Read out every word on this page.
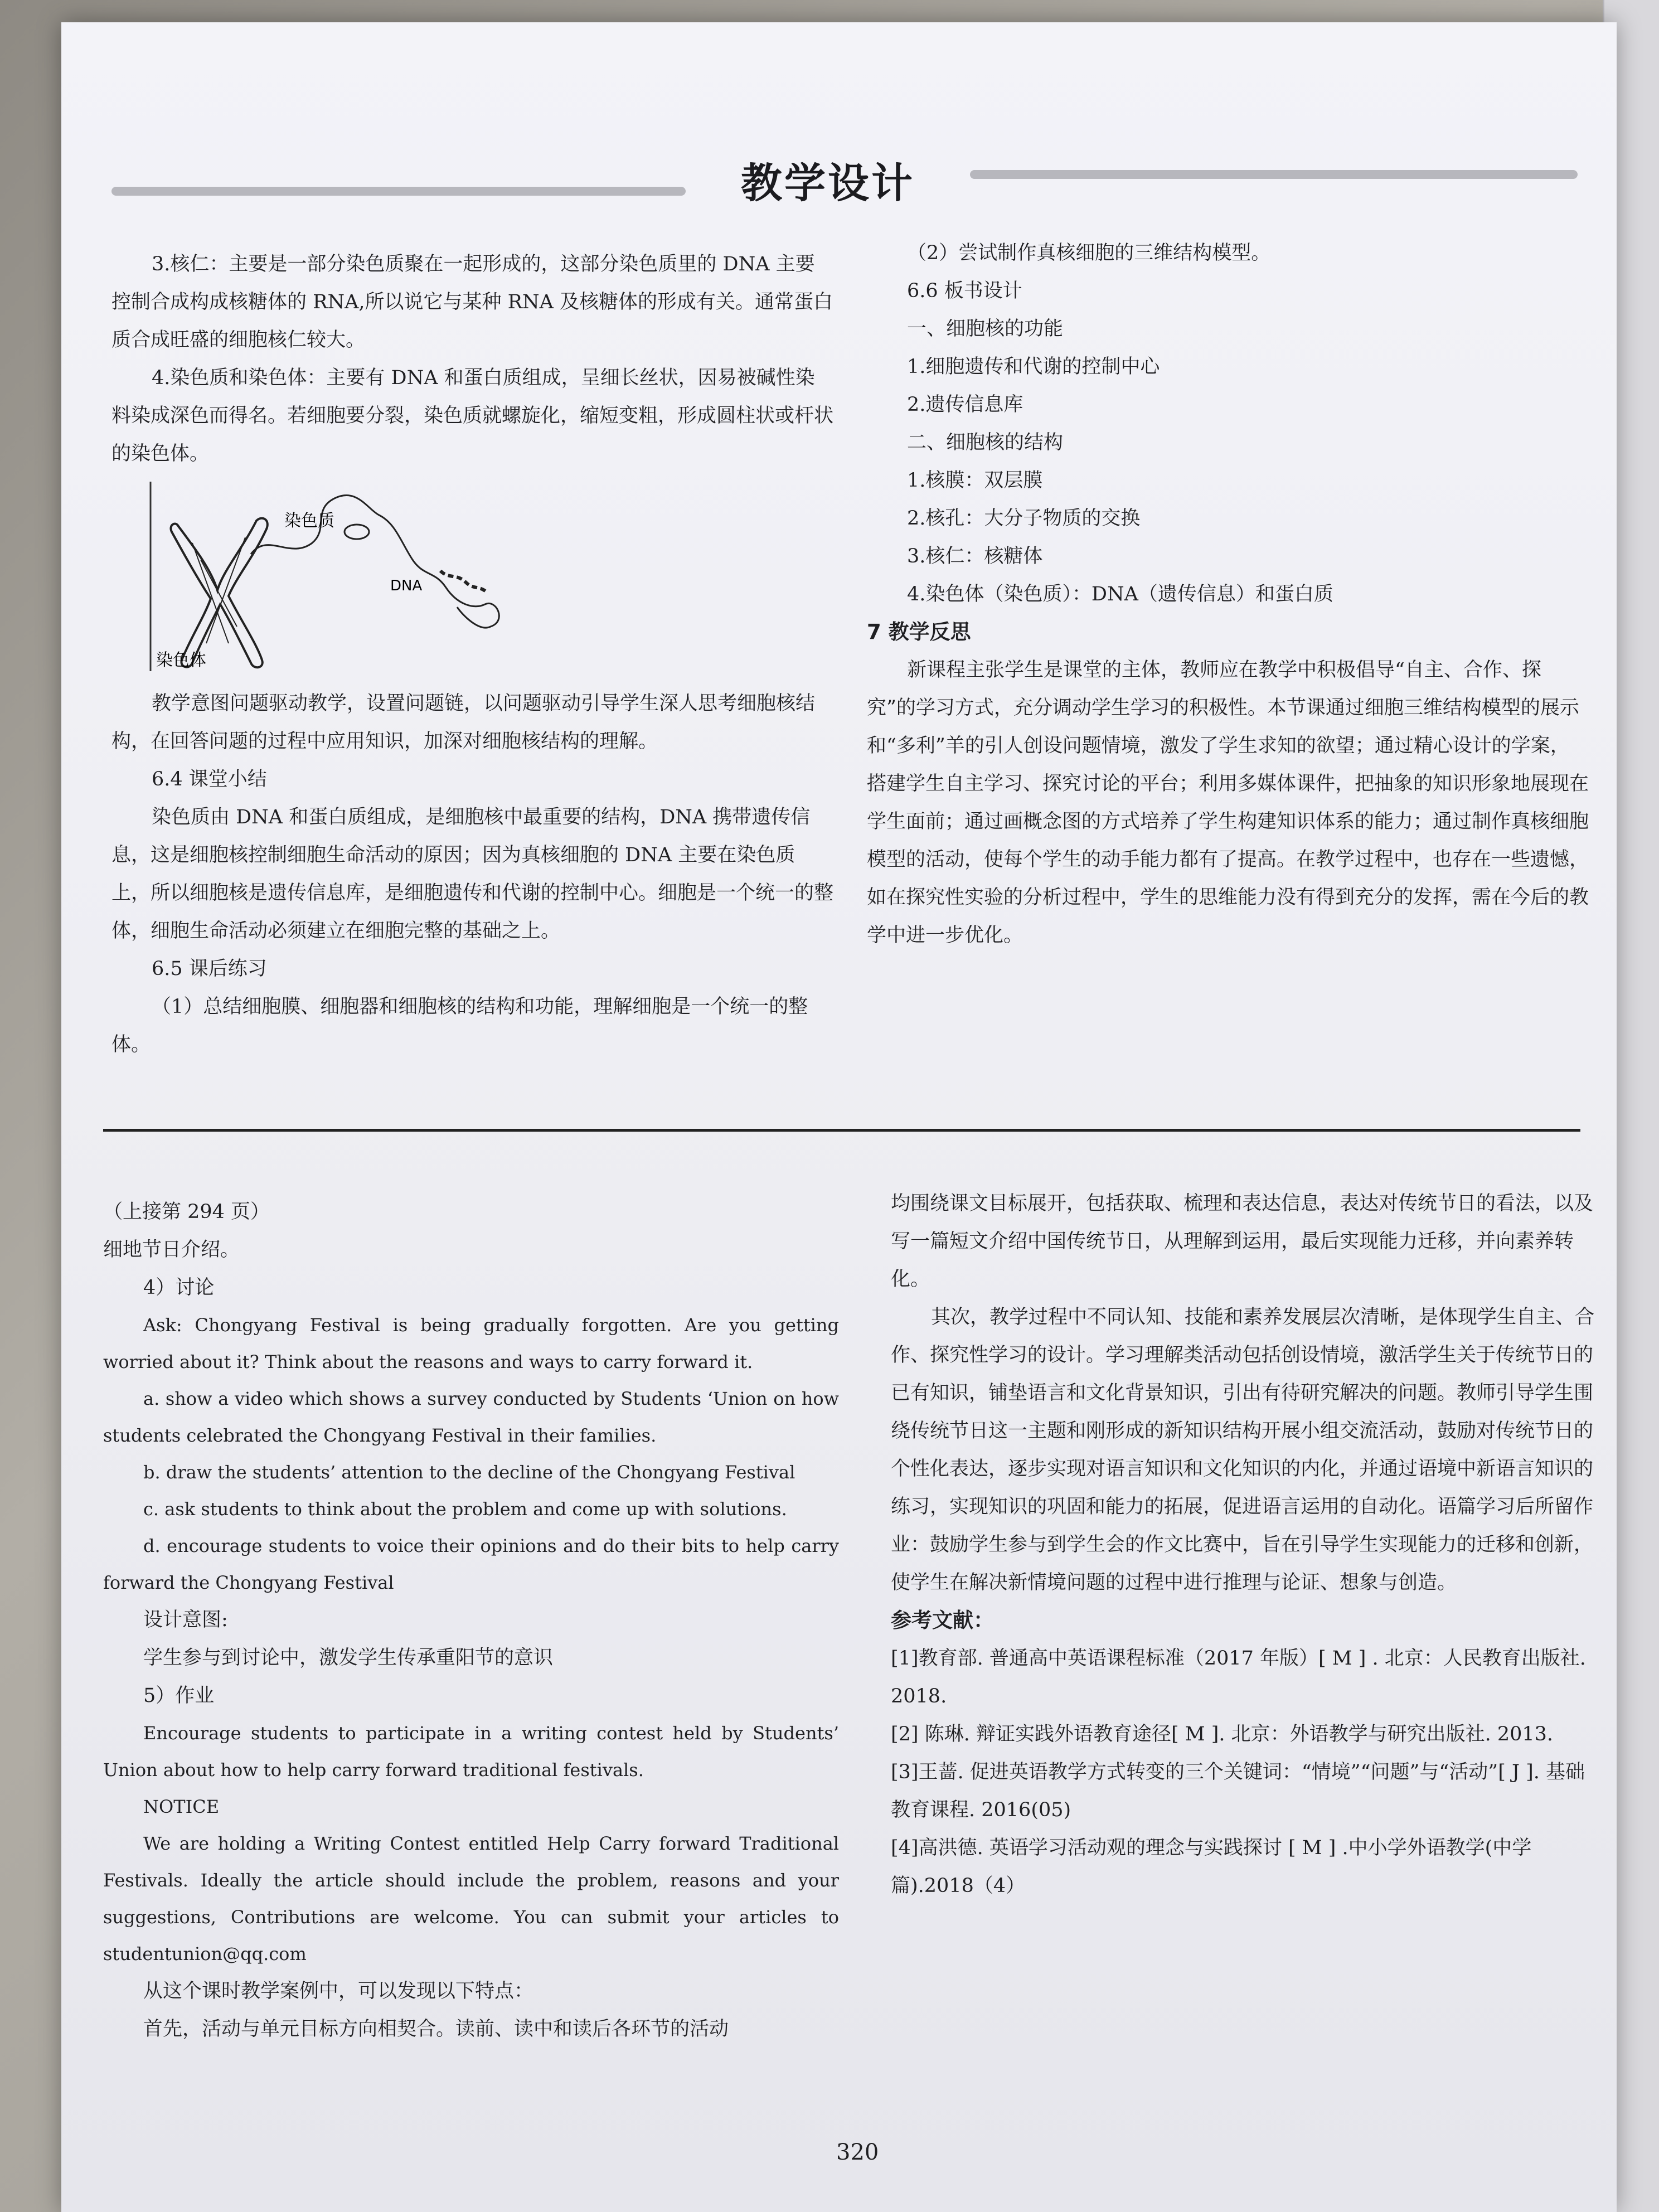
教学设计

3.核仁：主要是一部分染色质聚在一起形成的，这部分染色质里的 DNA 主要控制合成构成核糖体的 RNA,所以说它与某种 RNA 及核糖体的形成有关。通常蛋白质合成旺盛的细胞核仁较大。

4.染色质和染色体：主要有 DNA 和蛋白质组成，呈细长丝状，因易被碱性染料染成深色而得名。若细胞要分裂，染色质就螺旋化，缩短变粗，形成圆柱状或杆状的染色体。

染色质
DNA
染色体

教学意图问题驱动教学，设置问题链，以问题驱动引导学生深人思考细胞核结构，在回答问题的过程中应用知识，加深对细胞核结构的理解。

6.4 课堂小结

染色质由 DNA 和蛋白质组成，是细胞核中最重要的结构，DNA 携带遗传信息，这是细胞核控制细胞生命活动的原因；因为真核细胞的 DNA 主要在染色质上，所以细胞核是遗传信息库，是细胞遗传和代谢的控制中心。细胞是一个统一的整体，细胞生命活动必须建立在细胞完整的基础之上。

6.5 课后练习

（1）总结细胞膜、细胞器和细胞核的结构和功能，理解细胞是一个统一的整体。

（2）尝试制作真核细胞的三维结构模型。

6.6 板书设计

一、细胞核的功能

1.细胞遗传和代谢的控制中心

2.遗传信息库

二、细胞核的结构

1.核膜：双层膜

2.核孔：大分子物质的交换

3.核仁：核糖体

4.染色体（染色质）：DNA（遗传信息）和蛋白质

7 教学反思

新课程主张学生是课堂的主体，教师应在教学中积极倡导“自主、合作、探究”的学习方式，充分调动学生学习的积极性。本节课通过细胞三维结构模型的展示和“多利”羊的引人创设问题情境，激发了学生求知的欲望；通过精心设计的学案，搭建学生自主学习、探究讨论的平台；利用多媒体课件，把抽象的知识形象地展现在学生面前；通过画概念图的方式培养了学生构建知识体系的能力；通过制作真核细胞模型的活动，使每个学生的动手能力都有了提高。在教学过程中，也存在一些遗憾，如在探究性实验的分析过程中，学生的思维能力没有得到充分的发挥，需在今后的教学中进一步优化。

（上接第 294 页）

细地节日介绍。

4）讨论

Ask: Chongyang Festival is being gradually forgotten. Are you getting worried about it? Think about the reasons and ways to carry forward it.

a. show a video which shows a survey conducted by Students ‘Union on how students celebrated the Chongyang Festival in their families.

b. draw the students’ attention to the decline of the Chongyang Festival

c. ask students to think about the problem and come up with solutions.

d. encourage students to voice their opinions and do their bits to help carry forward the Chongyang Festival

设计意图:

学生参与到讨论中，激发学生传承重阳节的意识

5）作业

Encourage students to participate in a writing contest held by Students’ Union about how to help carry forward traditional festivals.

NOTICE

We are holding a Writing Contest entitled Help Carry forward Traditional Festivals. Ideally the article should include the problem, reasons and your suggestions, Contributions are welcome. You can submit your articles to studentunion@qq.com

从这个课时教学案例中，可以发现以下特点：

首先，活动与单元目标方向相契合。读前、读中和读后各环节的活动

均围绕课文目标展开，包括获取、梳理和表达信息，表达对传统节日的看法，以及写一篇短文介绍中国传统节日，从理解到运用，最后实现能力迁移，并向素养转化。

其次，教学过程中不同认知、技能和素养发展层次清晰，是体现学生自主、合作、探究性学习的设计。学习理解类活动包括创设情境，激活学生关于传统节日的已有知识，铺垫语言和文化背景知识，引出有待研究解决的问题。教师引导学生围绕传统节日这一主题和刚形成的新知识结构开展小组交流活动，鼓励对传统节日的个性化表达，逐步实现对语言知识和文化知识的内化，并通过语境中新语言知识的练习，实现知识的巩固和能力的拓展，促进语言运用的自动化。语篇学习后所留作业：鼓励学生参与到学生会的作文比赛中，旨在引导学生实现能力的迁移和创新，使学生在解决新情境问题的过程中进行推理与论证、想象与创造。

参考文献：

[1]教育部. 普通高中英语课程标准（2017 年版）[ M ] . 北京：人民教育出版社. 2018.

[2] 陈琳. 辩证实践外语教育途径[ M ]. 北京：外语教学与研究出版社. 2013.

[3]王蔷. 促进英语教学方式转变的三个关键词：“情境”“问题”与“活动”[ J ]. 基础教育课程. 2016(05)

[4]高洪德. 英语学习活动观的理念与实践探讨 [ M ] .中小学外语教学(中学篇).2018（4）

320
